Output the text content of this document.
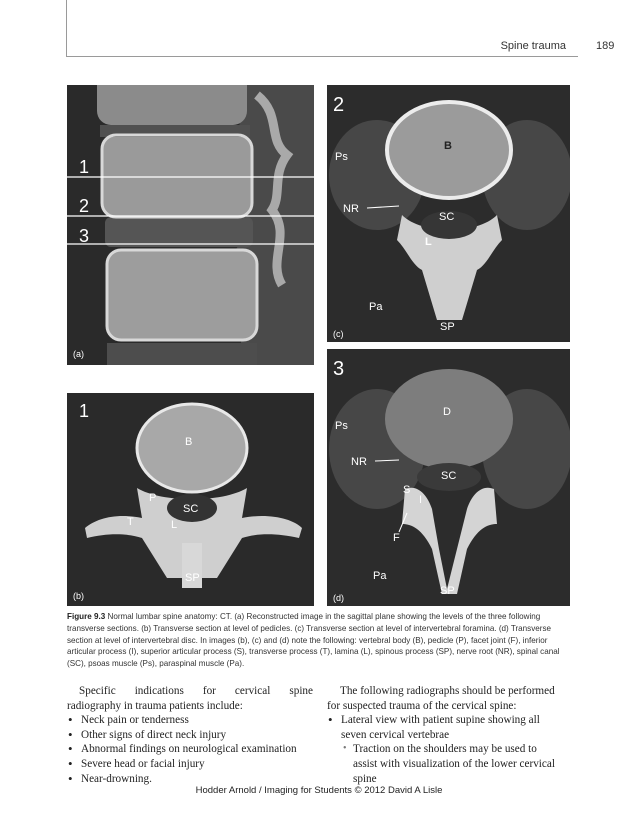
Spine trauma	189
1
2
3
(a)
1
B
P
SC
T	L
SP
(b)
2
Ps
B
NR
SC
L
Pa
SP
(c)
3
Ps
D
NR
SC
S
I
F
Pa
SP
(d)
Figure 9.3 Normal lumbar spine anatomy: CT. (a) Reconstructed image in the sagittal plane showing the levels of the three following transverse sections. (b) Transverse section at level of pedicles. (c) Transverse section at level of intervertebral foramina. (d) Transverse section at level of intervertebral disc. In images (b), (c) and (d) note the following: vertebral body (B), pedicle (P), facet joint (F), inferior articular process (I), superior articular process (S), transverse process (T), lamina (L), spinous process (SP), nerve root (NR), spinal canal (SC), psoas muscle (Ps), paraspinal muscle (Pa).
Specific indications for cervical spine
radiography in trauma patients include:
• Neck pain or tenderness
• Other signs of direct neck injury
• Abnormal findings on neurological examination
• Severe head or facial injury
• Near-drowning.
The following radiographs should be performed
for suspected trauma of the cervical spine:
• Lateral view with patient supine showing all
seven cervical vertebrae
• Traction on the shoulders may be used to
assist with visualization of the lower cervical
spine
Hodder Arnold / Imaging for Students © 2012 David A Lisle
